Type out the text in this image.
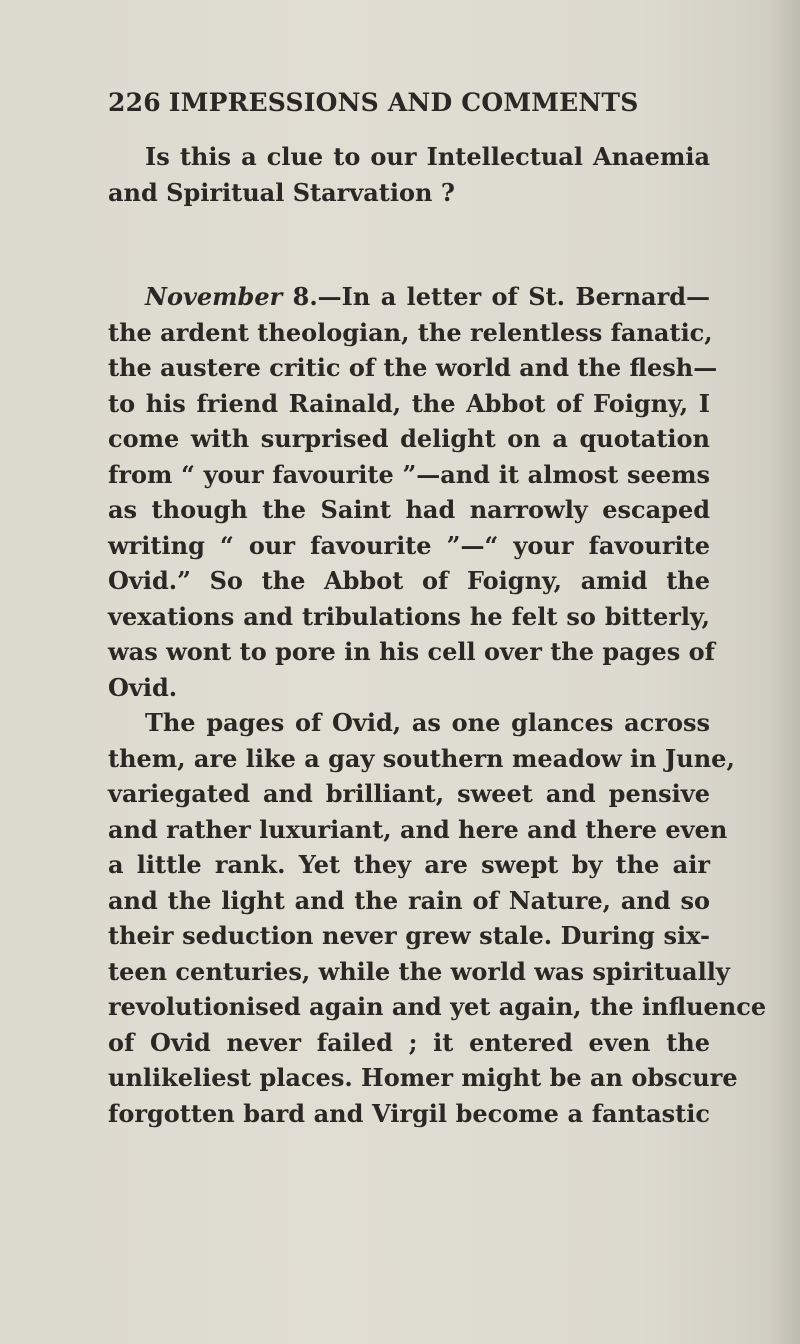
226 IMPRESSIONS AND COMMENTS
Is this a clue to our Intellectual Anaemia
and Spiritual Starvation ?
November 8.—In a letter of St. Bernard—
the ardent theologian, the relentless fanatic,
the austere critic of the world and the flesh—
to his friend Rainald, the Abbot of Foigny, I
come with surprised delight on a quotation
from “ your favourite ”—and it almost seems
as though the Saint had narrowly escaped
writing “ our favourite ”—“ your favourite
Ovid.” So the Abbot of Foigny, amid the
vexations and tribulations he felt so bitterly,
was wont to pore in his cell over the pages of
Ovid.
The pages of Ovid, as one glances across
them, are like a gay southern meadow in June,
variegated and brilliant, sweet and pensive
and rather luxuriant, and here and there even
a little rank. Yet they are swept by the air
and the light and the rain of Nature, and so
their seduction never grew stale. During six-
teen centuries, while the world was spiritually
revolutionised again and yet again, the influence
of Ovid never failed ; it entered even the
unlikeliest places. Homer might be an obscure
forgotten bard and Virgil become a fantastic
